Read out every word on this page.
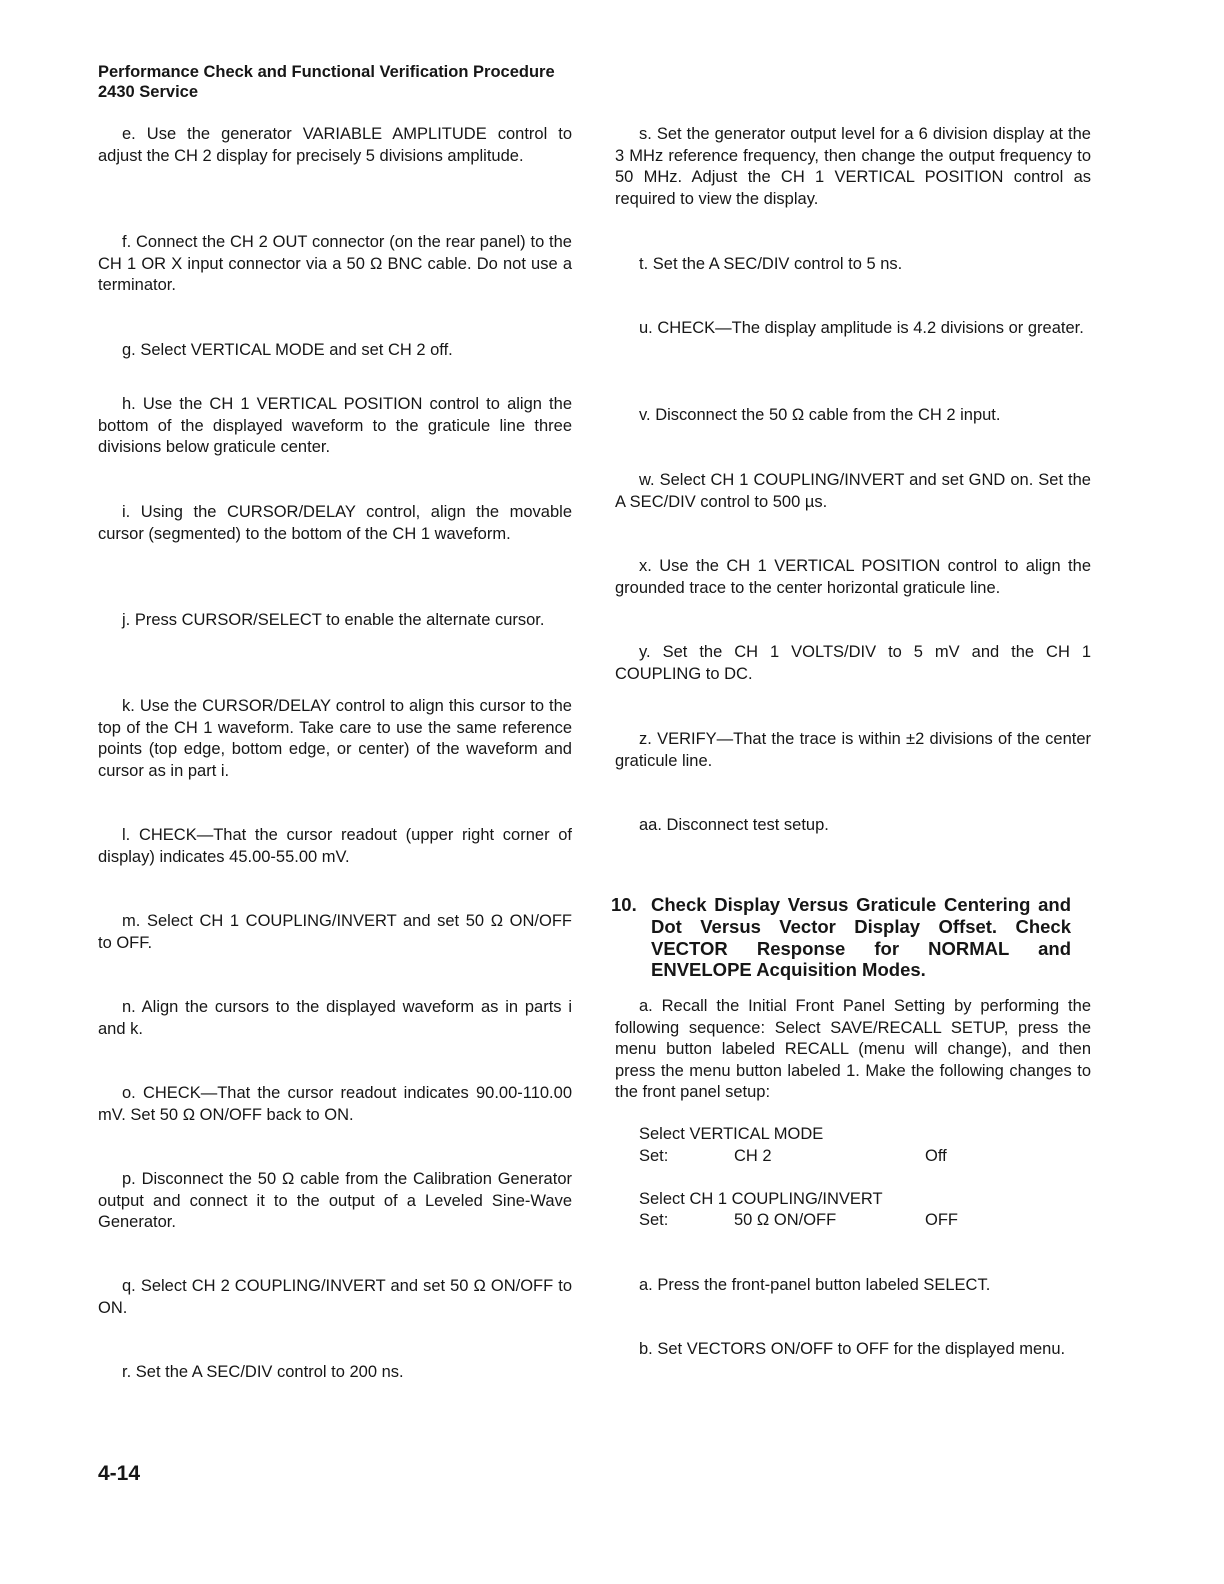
Performance Check and Functional Verification Procedure
2430 Service

e. Use the generator VARIABLE AMPLITUDE control to adjust the CH 2 display for precisely 5 divisions amplitude.

f. Connect the CH 2 OUT connector (on the rear panel) to the CH 1 OR X input connector via a 50 Ω BNC cable. Do not use a terminator.

g. Select VERTICAL MODE and set CH 2 off.

h. Use the CH 1 VERTICAL POSITION control to align the bottom of the displayed waveform to the graticule line three divisions below graticule center.

i. Using the CURSOR/DELAY control, align the movable cursor (segmented) to the bottom of the CH 1 waveform.

j. Press CURSOR/SELECT to enable the alternate cursor.

k. Use the CURSOR/DELAY control to align this cursor to the top of the CH 1 waveform. Take care to use the same reference points (top edge, bottom edge, or center) of the waveform and cursor as in part i.

l. CHECK—That the cursor readout (upper right corner of display) indicates 45.00-55.00 mV.

m. Select CH 1 COUPLING/INVERT and set 50 Ω ON/OFF to OFF.

n. Align the cursors to the displayed waveform as in parts i and k.

o. CHECK—That the cursor readout indicates 90.00-110.00 mV. Set 50 Ω ON/OFF back to ON.

p. Disconnect the 50 Ω cable from the Calibration Generator output and connect it to the output of a Leveled Sine-Wave Generator.

q. Select CH 2 COUPLING/INVERT and set 50 Ω ON/OFF to ON.

r. Set the A SEC/DIV control to 200 ns.

s. Set the generator output level for a 6 division display at the 3 MHz reference frequency, then change the output frequency to 50 MHz. Adjust the CH 1 VERTICAL POSITION control as required to view the display.

t. Set the A SEC/DIV control to 5 ns.

u. CHECK—The display amplitude is 4.2 divisions or greater.

v. Disconnect the 50 Ω cable from the CH 2 input.

w. Select CH 1 COUPLING/INVERT and set GND on. Set the A SEC/DIV control to 500 µs.

x. Use the CH 1 VERTICAL POSITION control to align the grounded trace to the center horizontal graticule line.

y. Set the CH 1 VOLTS/DIV to 5 mV and the CH 1 COUPLING to DC.

z. VERIFY—That the trace is within ±2 divisions of the center graticule line.

aa. Disconnect test setup.

10. Check Display Versus Graticule Centering and Dot Versus Vector Display Offset. Check VECTOR Response for NORMAL and ENVELOPE Acquisition Modes.

a. Recall the Initial Front Panel Setting by performing the following sequence: Select SAVE/RECALL SETUP, press the menu button labeled RECALL (menu will change), and then press the menu button labeled 1. Make the following changes to the front panel setup:

Select VERTICAL MODE
Set:	CH 2	Off
Select CH 1 COUPLING/INVERT
Set:	50 Ω ON/OFF	OFF

a. Press the front-panel button labeled SELECT.

b. Set VECTORS ON/OFF to OFF for the displayed menu.

4-14
